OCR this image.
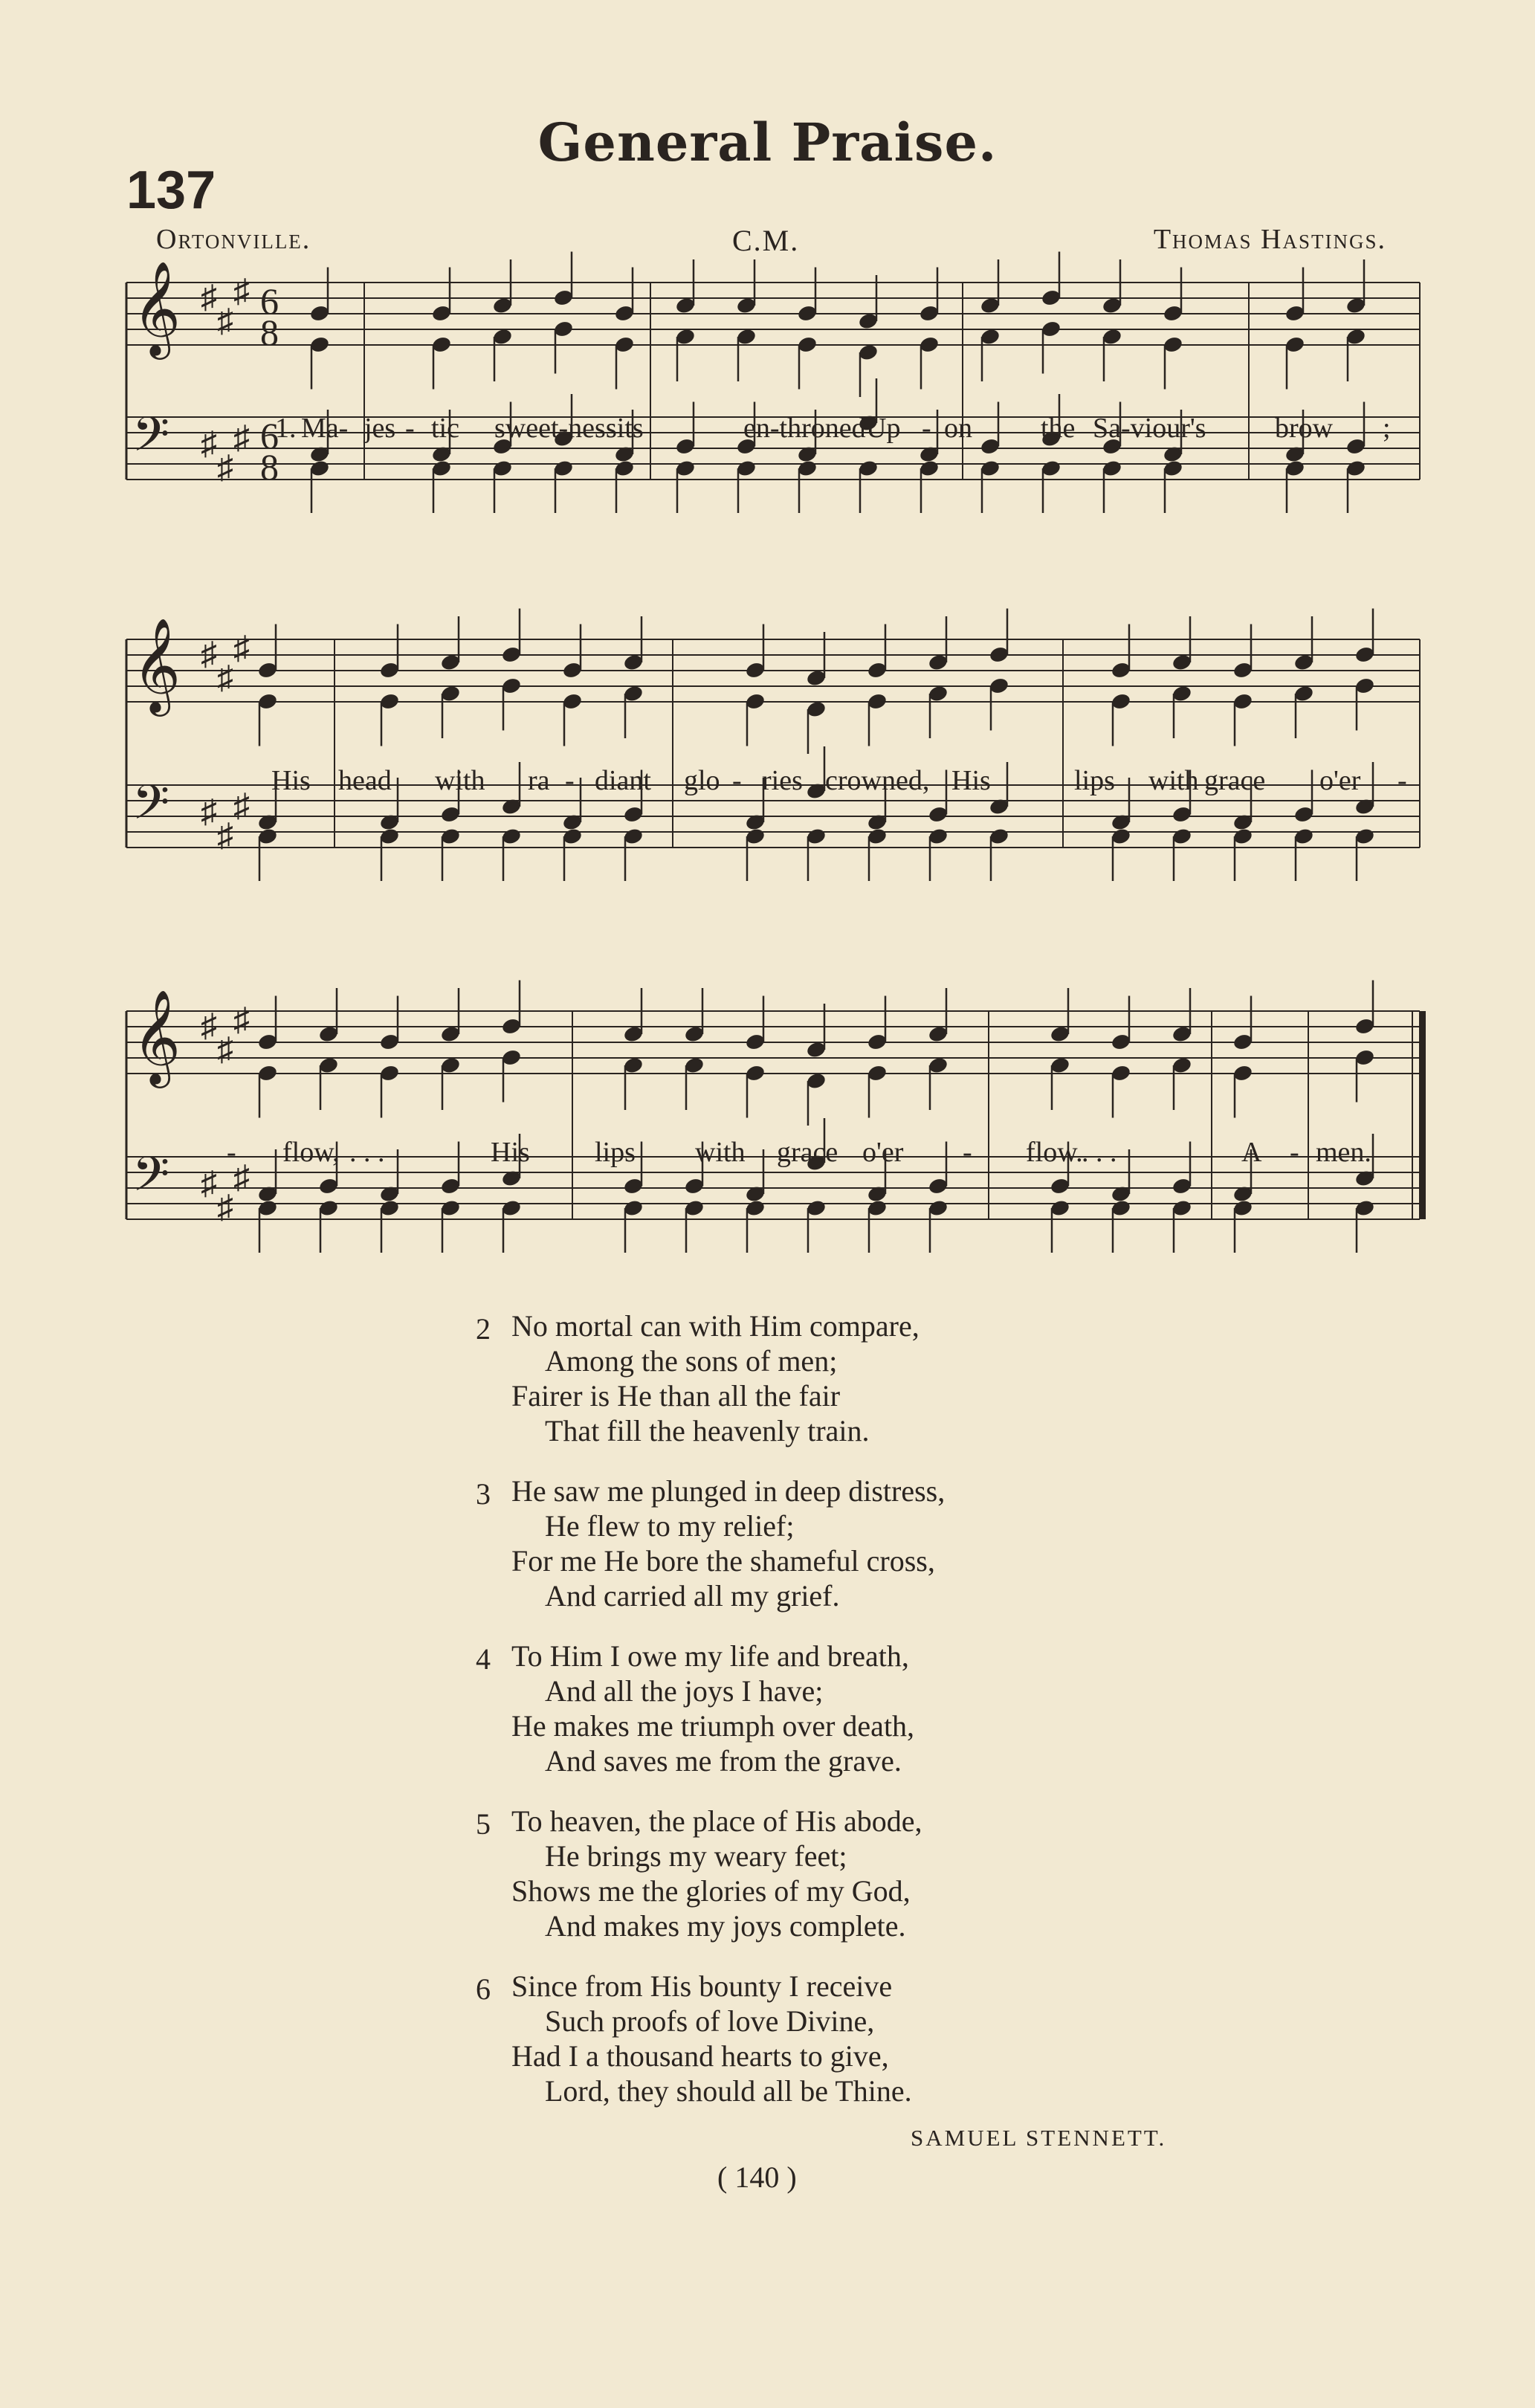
General Praise.
137
Ortonville.	C.M.	Thomas Hastings.
𝄞 ♯
♯
♯ 6
8
𝄢 ♯
♯
♯ 6
8
1. Ma- jes - tic sweet-ness
sits	en-throned Up - on the Sa-viour's brow ;
𝄞 ♯
♯
♯
𝄢 ♯
♯
♯
His head with ra - diant glo - ries crowned, His	lips with grace o'er -
𝄞 ♯
♯
♯
𝄢 ♯
♯
♯
- flow, . . .	His lips with grace o'er - flow.
. . .	A - men.
2 No mortal can with Him compare,
Among the sons of men;
Fairer is He than all the fair
That fill the heavenly train.
3 He saw me plunged in deep distress,
He flew to my relief;
For me He bore the shameful cross,
And carried all my grief.
4 To Him I owe my life and breath,
And all the joys I have;
He makes me triumph over death,
And saves me from the grave.
5 To heaven, the place of His abode,
He brings my weary feet;
Shows me the glories of my God,
And makes my joys complete.
6 Since from His bounty I receive
Such proofs of love Divine,
Had I a thousand hearts to give,
Lord, they should all be Thine.
SAMUEL STENNETT.
( 140 )
